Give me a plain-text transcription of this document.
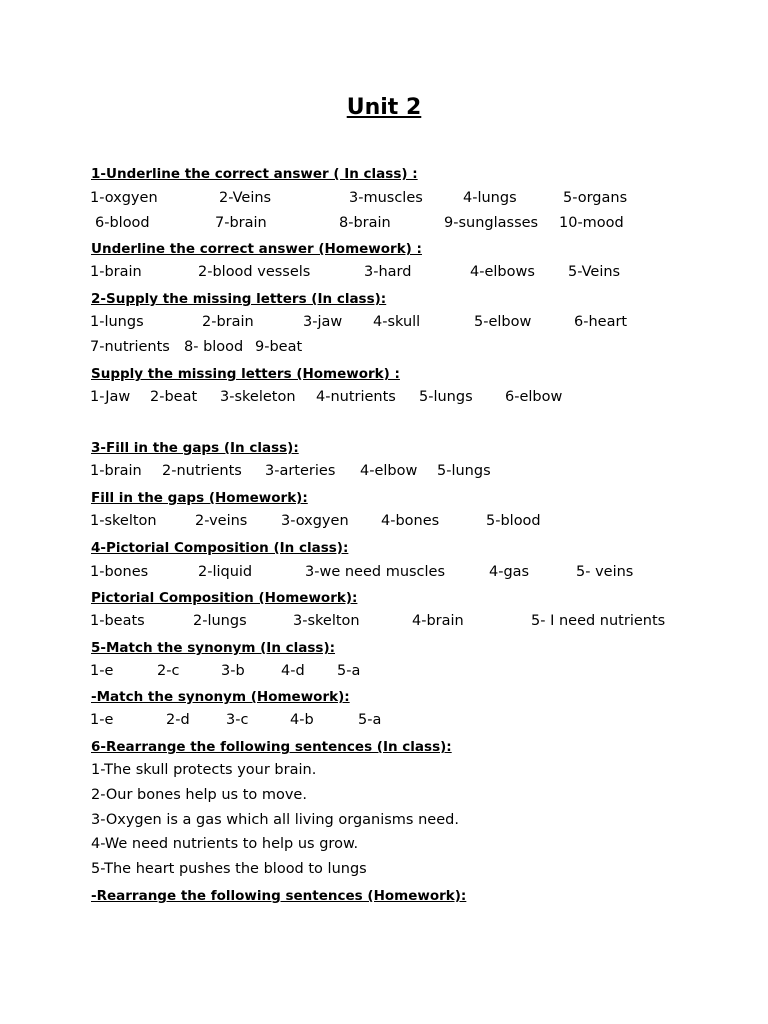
Unit 2
1-Underline the correct answer ( In class) :
1-oxgyen	2-Veins	3-muscles	4-lungs	5-organs
6-blood	7-brain	8-brain	9-sunglasses 10-mood
Underline the correct answer (Homework) :
1-brain	2-blood vessels	3-hard	4-elbows 5-Veins
2-Supply the missing letters (In class):
1-lungs	2-brain	3-jaw 4-skull	5-elbow	6-heart
7-nutrients 8- blood 9-beat
Supply the missing letters (Homework) :
1-Jaw 2-beat 3-skeleton 4-nutrients 5-lungs 6-elbow
3-Fill in the gaps (In class):
1-brain 2-nutrients 3-arteries 4-elbow 5-lungs
Fill in the gaps (Homework):
1-skelton	2-veins 3-oxgyen 4-bones	5-blood
4-Pictorial Composition (In class):
1-bones	2-liquid	3-we need muscles	4-gas	5- veins
Pictorial Composition (Homework):
1-beats	2-lungs	3-skelton	4-brain	5- I need nutrients
5-Match the synonym (In class):
1-e	2-c	3-b	4-d 5-a
-Match the synonym (Homework):
1-e	2-d	3-c	4-b	5-a
6-Rearrange the following sentences (In class):
1-The skull protects your brain.
2-Our bones help us to move.
3-Oxygen is a gas which all living organisms need.
4-We need nutrients to help us grow.
5-The heart pushes the blood to lungs
-Rearrange the following sentences (Homework):
